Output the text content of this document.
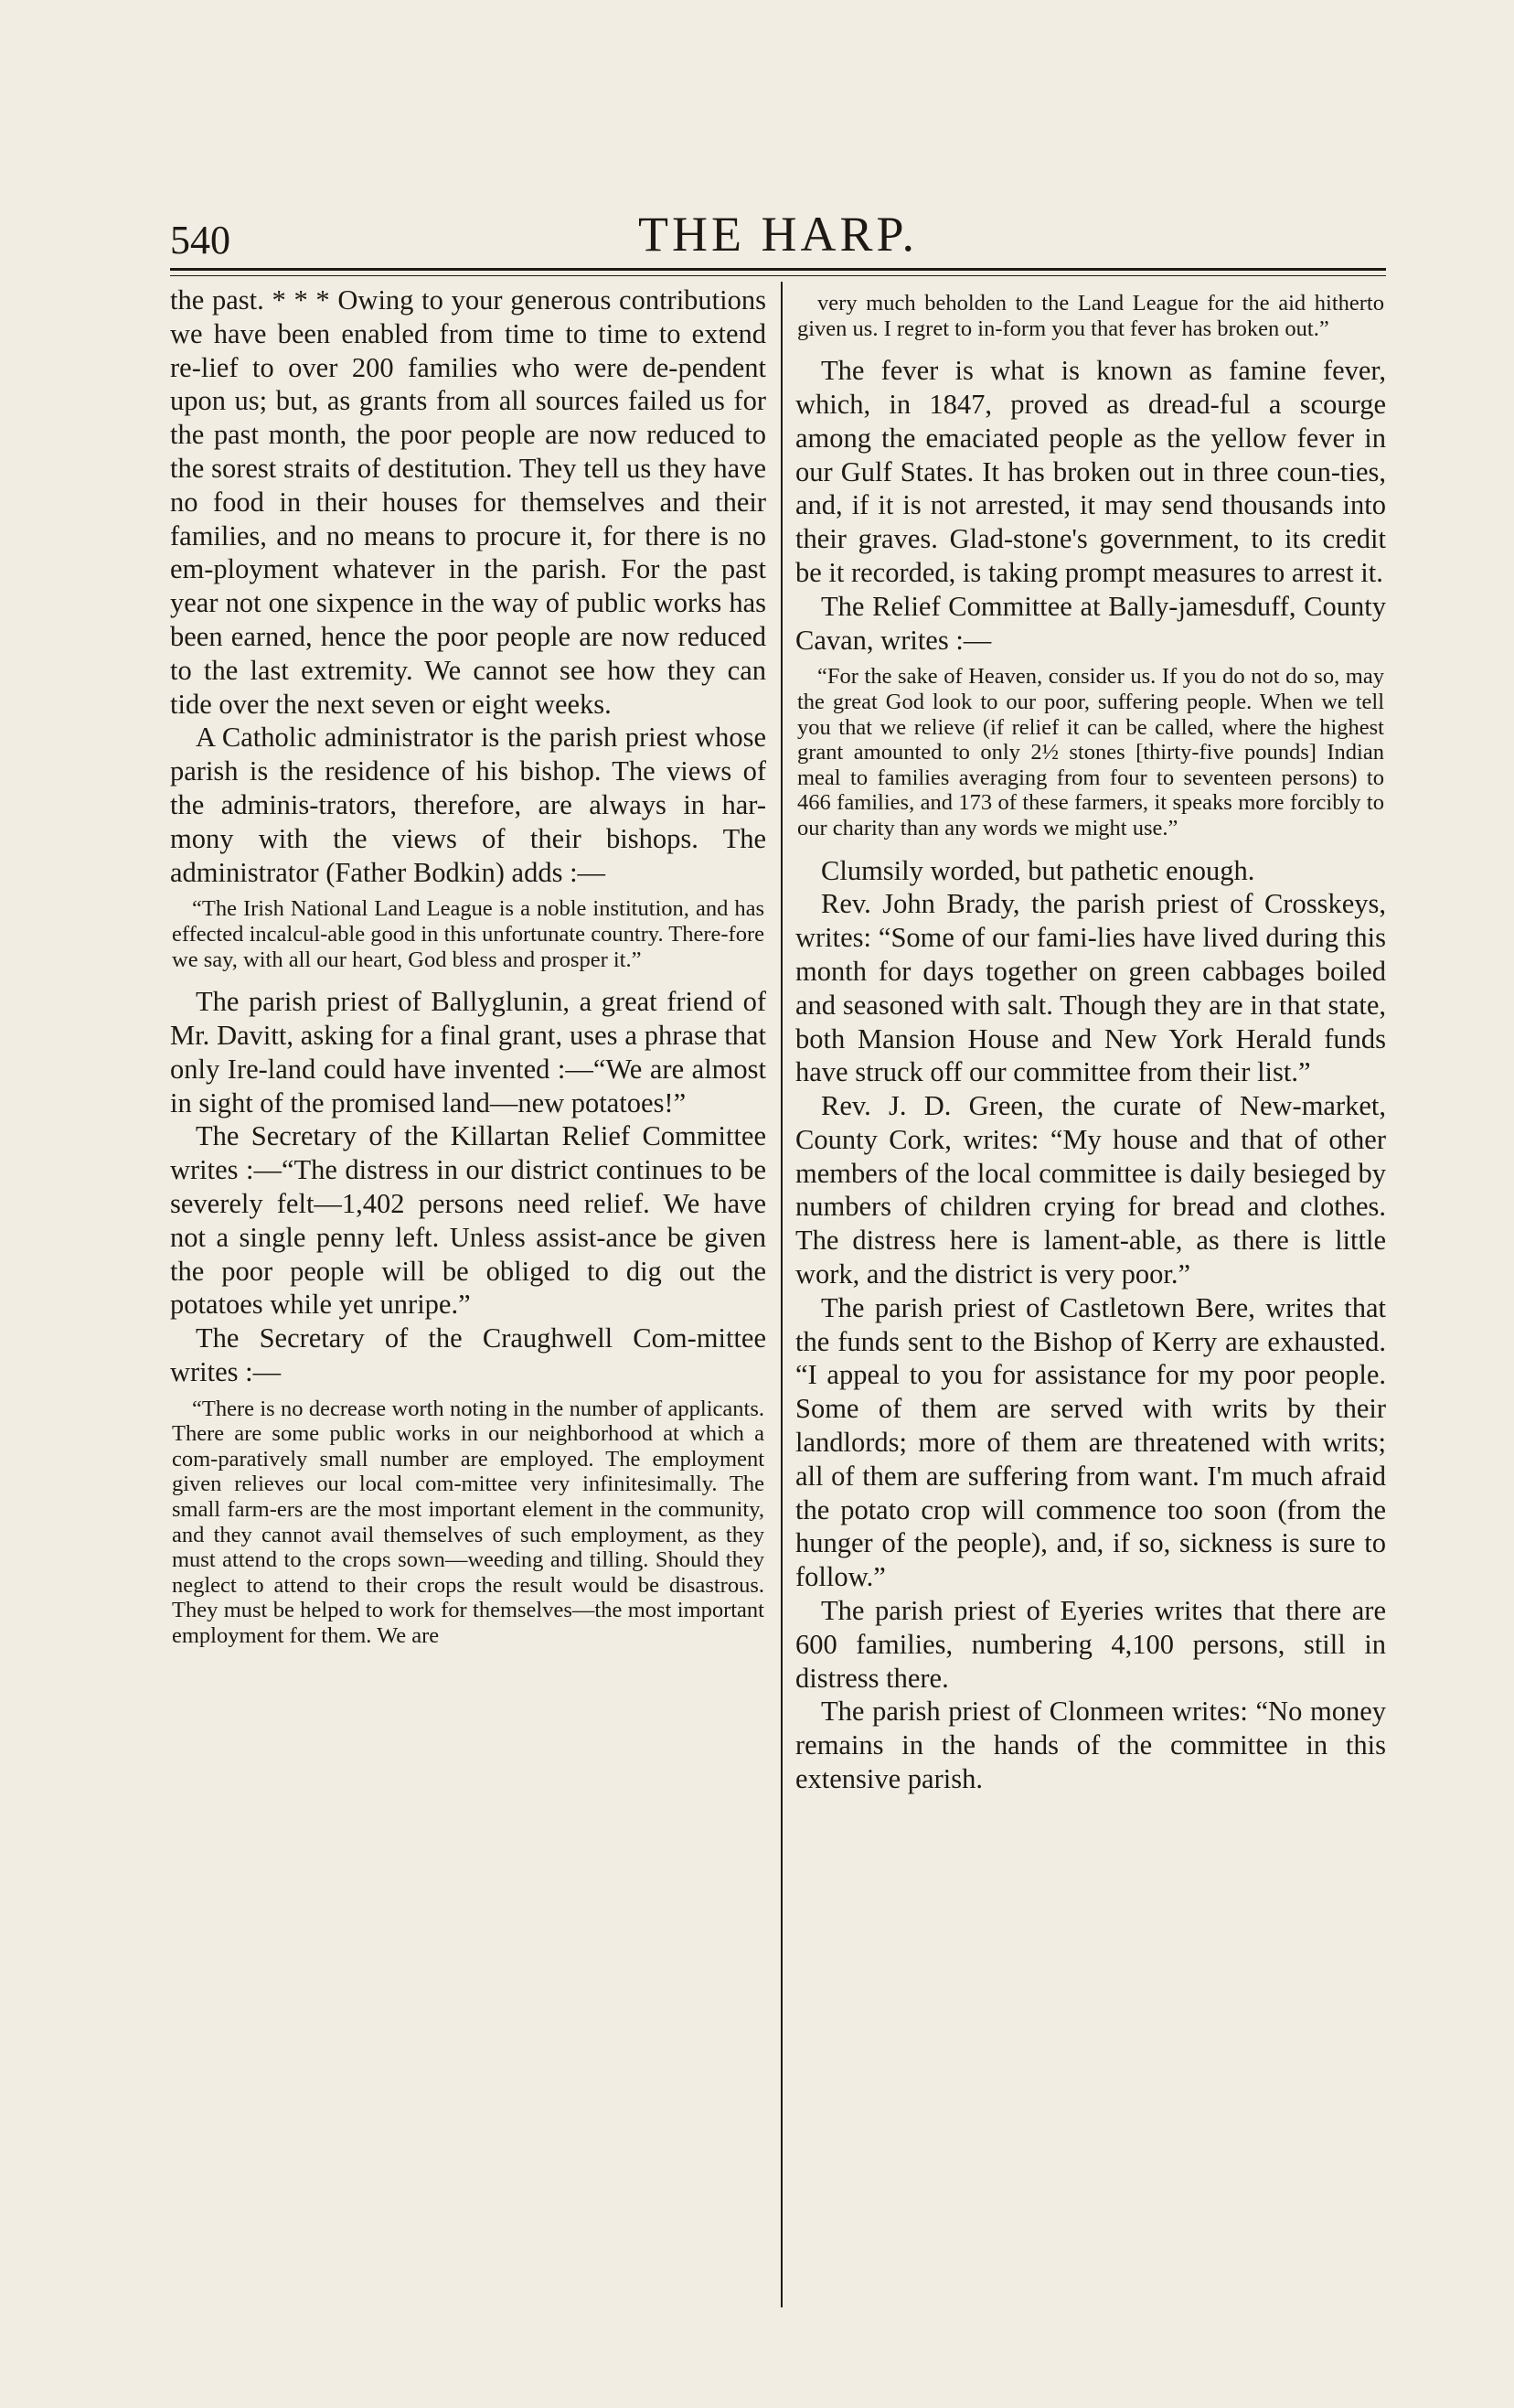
540	THE HARP.

the past. * * * Owing to your generous contributions we have been enabled from time to time to extend re-lief to over 200 families who were de-pendent upon us; but, as grants from all sources failed us for the past month, the poor people are now reduced to the sorest straits of destitution. They tell us they have no food in their houses for themselves and their families, and no means to procure it, for there is no em-ployment whatever in the parish. For the past year not one sixpence in the way of public works has been earned, hence the poor people are now reduced to the last extremity. We cannot see how they can tide over the next seven or eight weeks.

A Catholic administrator is the parish priest whose parish is the residence of his bishop. The views of the adminis-trators, therefore, are always in har-mony with the views of their bishops. The administrator (Father Bodkin) adds :—

“The Irish National Land League is a noble institution, and has effected incalcul-able good in this unfortunate country. There-fore we say, with all our heart, God bless and prosper it.”

The parish priest of Ballyglunin, a great friend of Mr. Davitt, asking for a final grant, uses a phrase that only Ire-land could have invented :—“We are almost in sight of the promised land—new potatoes!”

The Secretary of the Killartan Relief Committee writes :—“The distress in our district continues to be severely felt—1,402 persons need relief. We have not a single penny left. Unless assist-ance be given the poor people will be obliged to dig out the potatoes while yet unripe.”

The Secretary of the Craughwell Com-mittee writes :—

“There is no decrease worth noting in the number of applicants. There are some public works in our neighborhood at which a com-paratively small number are employed. The employment given relieves our local com-mittee very infinitesimally. The small farm-ers are the most important element in the community, and they cannot avail themselves of such employment, as they must attend to the crops sown—weeding and tilling. Should they neglect to attend to their crops the result would be disastrous. They must be helped to work for themselves—the most important employment for them. We are

very much beholden to the Land League for the aid hitherto given us. I regret to in-form you that fever has broken out.”

The fever is what is known as famine fever, which, in 1847, proved as dread-ful a scourge among the emaciated people as the yellow fever in our Gulf States. It has broken out in three coun-ties, and, if it is not arrested, it may send thousands into their graves. Glad-stone's government, to its credit be it recorded, is taking prompt measures to arrest it.

The Relief Committee at Bally-jamesduff, County Cavan, writes :—

“For the sake of Heaven, consider us. If you do not do so, may the great God look to our poor, suffering people. When we tell you that we relieve (if relief it can be called, where the highest grant amounted to only 2½ stones [thirty-five pounds] Indian meal to families averaging from four to seventeen persons) to 466 families, and 173 of these farmers, it speaks more forcibly to our charity than any words we might use.”

Clumsily worded, but pathetic enough.

Rev. John Brady, the parish priest of Crosskeys, writes: “Some of our fami-lies have lived during this month for days together on green cabbages boiled and seasoned with salt. Though they are in that state, both Mansion House and New York Herald funds have struck off our committee from their list.”

Rev. J. D. Green, the curate of New-market, County Cork, writes: “My house and that of other members of the local committee is daily besieged by numbers of children crying for bread and clothes. The distress here is lament-able, as there is little work, and the district is very poor.”

The parish priest of Castletown Bere, writes that the funds sent to the Bishop of Kerry are exhausted. “I appeal to you for assistance for my poor people. Some of them are served with writs by their landlords; more of them are threatened with writs; all of them are suffering from want. I'm much afraid the potato crop will commence too soon (from the hunger of the people), and, if so, sickness is sure to follow.”

The parish priest of Eyeries writes that there are 600 families, numbering 4,100 persons, still in distress there.

The parish priest of Clonmeen writes: “No money remains in the hands of the committee in this extensive parish.
